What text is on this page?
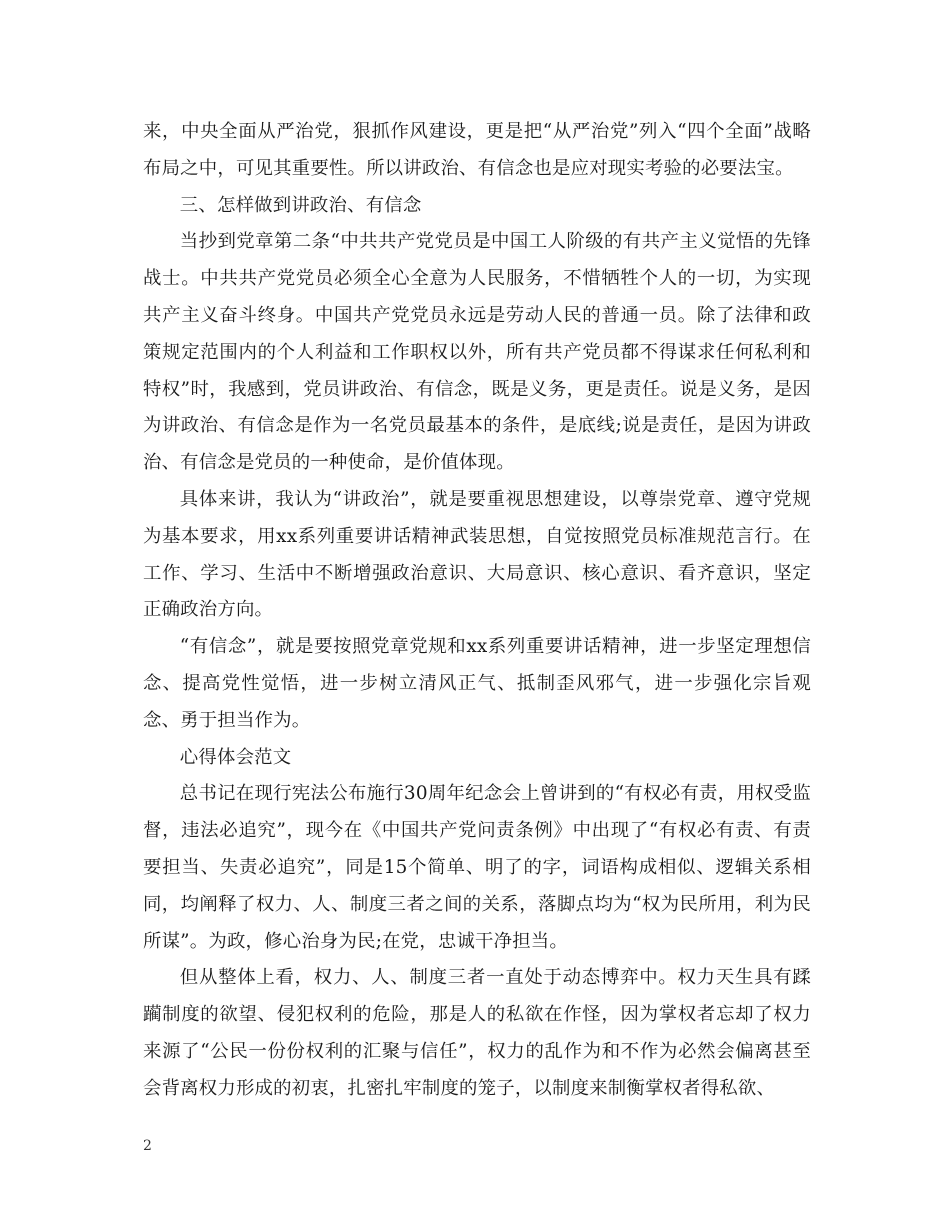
来，中央全面从严治党，狠抓作风建设，更是把“从严治党”列入“四个全面”战略布局之中，可见其重要性。所以讲政治、有信念也是应对现实考验的必要法宝。

三、怎样做到讲政治、有信念

当抄到党章第二条“中共共产党党员是中国工人阶级的有共产主义觉悟的先锋战士。中共共产党党员必须全心全意为人民服务，不惜牺牲个人的一切，为实现共产主义奋斗终身。中国共产党党员永远是劳动人民的普通一员。除了法律和政策规定范围内的个人利益和工作职权以外，所有共产党员都不得谋求任何私利和特权”时，我感到，党员讲政治、有信念，既是义务，更是责任。说是义务，是因为讲政治、有信念是作为一名党员最基本的条件，是底线;说是责任，是因为讲政治、有信念是党员的一种使命，是价值体现。

具体来讲，我认为“讲政治”，就是要重视思想建设，以尊崇党章、遵守党规为基本要求，用xx系列重要讲话精神武装思想，自觉按照党员标准规范言行。在工作、学习、生活中不断增强政治意识、大局意识、核心意识、看齐意识，坚定正确政治方向。

“有信念”，就是要按照党章党规和xx系列重要讲话精神，进一步坚定理想信念、提高党性觉悟，进一步树立清风正气、抵制歪风邪气，进一步强化宗旨观念、勇于担当作为。

心得体会范文

总书记在现行宪法公布施行30周年纪念会上曾讲到的“有权必有责，用权受监督，违法必追究”，现今在《中国共产党问责条例》中出现了“有权必有责、有责要担当、失责必追究”，同是15个简单、明了的字，词语构成相似、逻辑关系相同，均阐释了权力、人、制度三者之间的关系，落脚点均为“权为民所用，利为民所谋”。为政，修心治身为民;在党，忠诚干净担当。

但从整体上看，权力、人、制度三者一直处于动态博弈中。权力天生具有蹂躏制度的欲望、侵犯权利的危险，那是人的私欲在作怪，因为掌权者忘却了权力来源了“公民一份份权利的汇聚与信任”，权力的乱作为和不作为必然会偏离甚至会背离权力形成的初衷，扎密扎牢制度的笼子，以制度来制衡掌权者得私欲、

2
